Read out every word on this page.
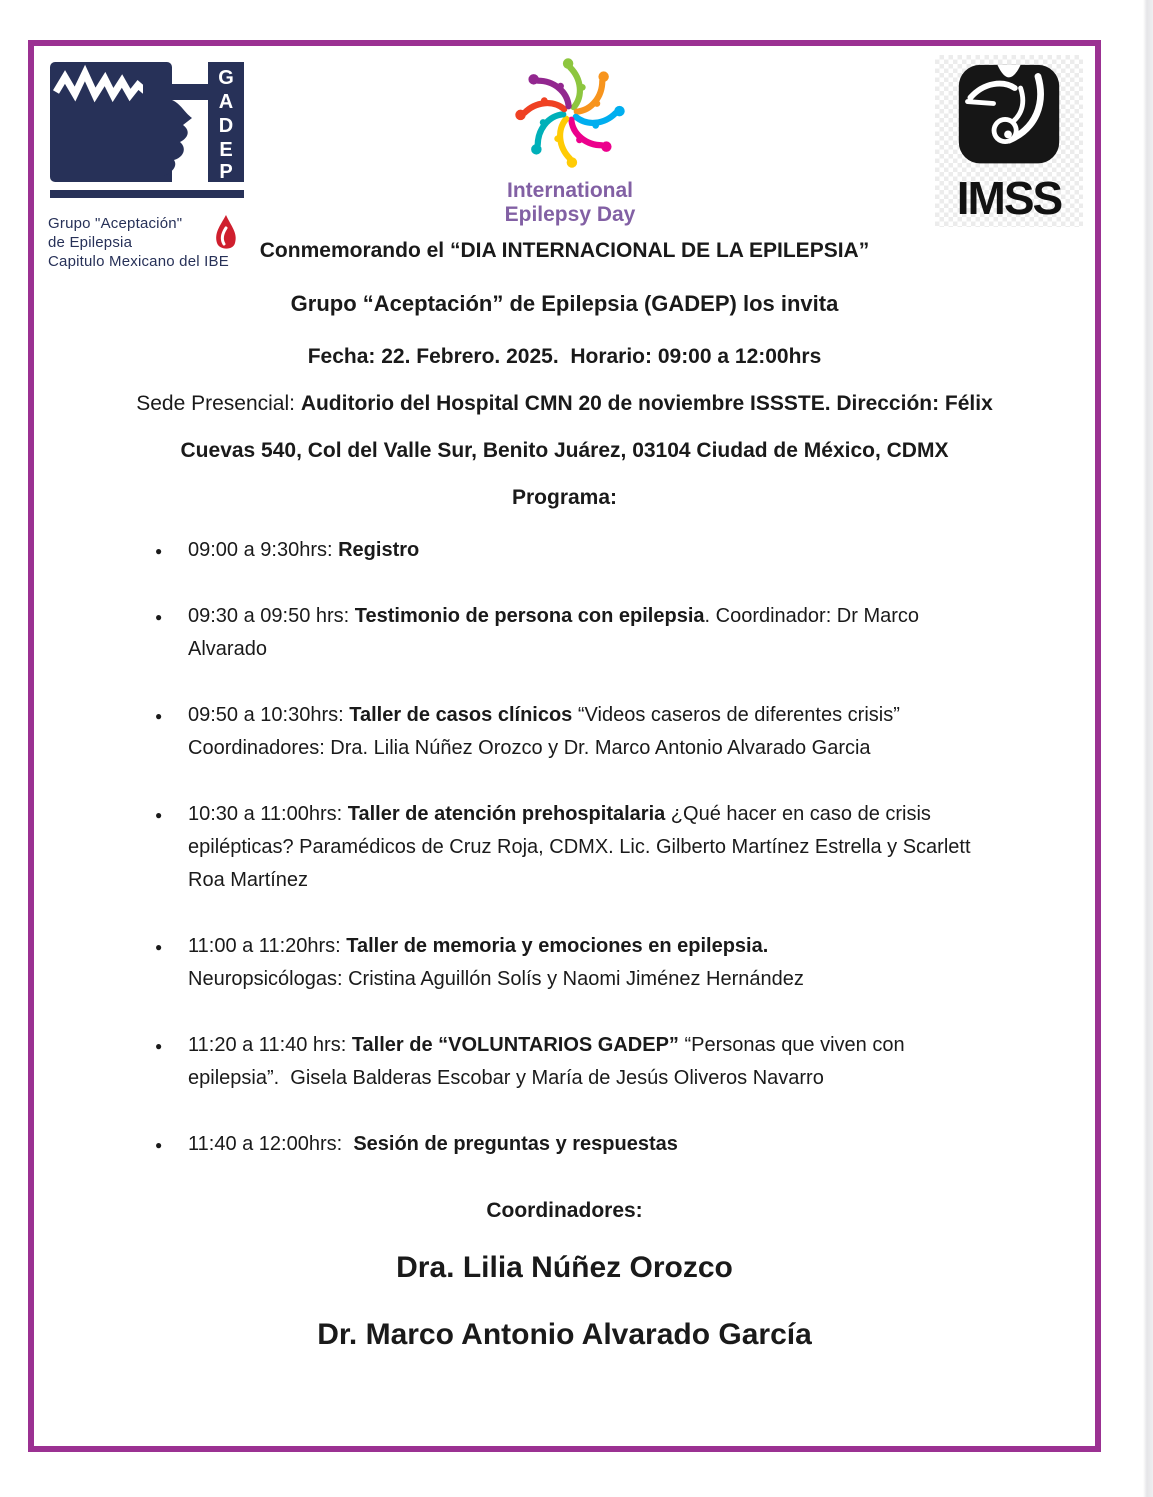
G
A
D
E
P
Grupo "Aceptación"
de Epilepsia
Capitulo Mexicano del IBE
International
Epilepsy Day	IMSS
Conmemorando el “DIA INTERNACIONAL DE LA EPILEPSIA”
Grupo “Aceptación” de Epilepsia (GADEP) los invita
Fecha: 22. Febrero. 2025.  Horario: 09:00 a 12:00hrs
Sede Presencial: Auditorio del Hospital CMN 20 de noviembre ISSSTE. Dirección: Félix
Cuevas 540, Col del Valle Sur, Benito Juárez, 03104 Ciudad de México, CDMX
Programa:
● 09:00 a 9:30hrs: Registro
● 09:30 a 09:50 hrs: Testimonio de persona con epilepsia. Coordinador: Dr Marco Alvarado
● 09:50 a 10:30hrs: Taller de casos clínicos “Videos caseros de diferentes crisis” Coordinadores: Dra. Lilia Núñez Orozco y Dr. Marco Antonio Alvarado Garcia
● 10:30 a 11:00hrs: Taller de atención prehospitalaria ¿Qué hacer en caso de crisis epilépticas? Paramédicos de Cruz Roja, CDMX. Lic. Gilberto Martínez Estrella y Scarlett Roa Martínez
● 11:00 a 11:20hrs: Taller de memoria y emociones en epilepsia.
Neuropsicólogas: Cristina Aguillón Solís y Naomi Jiménez Hernández
● 11:20 a 11:40 hrs: Taller de “VOLUNTARIOS GADEP” “Personas que viven con epilepsia”.  Gisela Balderas Escobar y María de Jesús Oliveros Navarro
● 11:40 a 12:00hrs:  Sesión de preguntas y respuestas
Coordinadores:
Dra. Lilia Núñez Orozco
Dr. Marco Antonio Alvarado García
